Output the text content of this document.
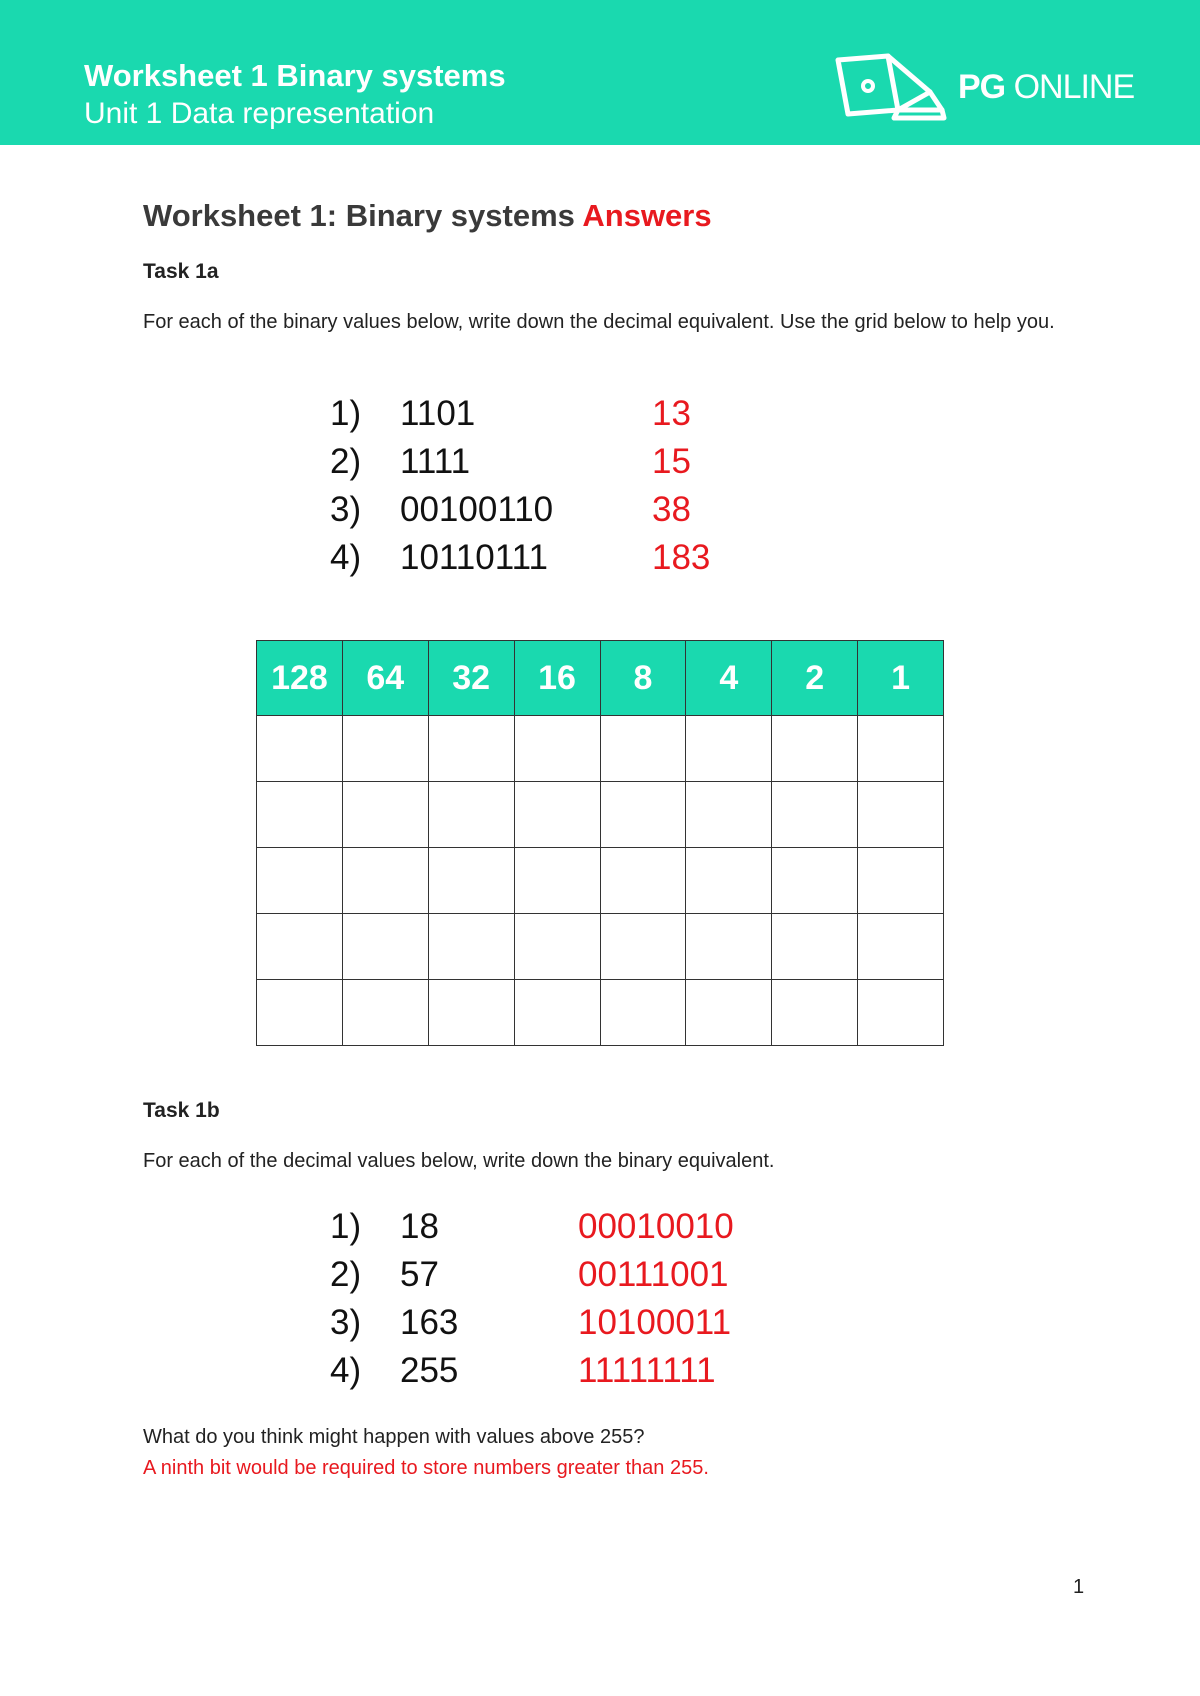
Worksheet 1 Binary systems
Unit 1 Data representation
PG ONLINE
Worksheet 1: Binary systems Answers
Task 1a
For each of the binary values below, write down the decimal equivalent. Use the grid below to help you.
1) 1101	13
2) 1111	15
3) 00100110	38
4) 10110111	183
128	64	32	16	8	4	2	1

Task 1b
For each of the decimal values below, write down the binary equivalent.
1) 18	00010010
2) 57	00111001
3) 163	10100011
4) 255	11111111
What do you think might happen with values above 255?
A ninth bit would be required to store numbers greater than 255.
1
